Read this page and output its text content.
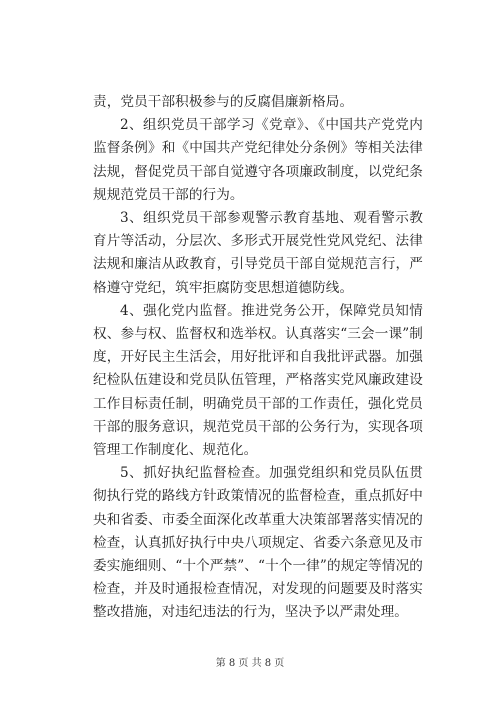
责，党员干部积极参与的反腐倡廉新格局。

2、组织党员干部学习《党章》、《中国共产党党内监督条例》和《中国共产党纪律处分条例》等相关法律法规，督促党员干部自觉遵守各项廉政制度，以党纪条规规范党员干部的行为。

3、组织党员干部参观警示教育基地、观看警示教育片等活动，分层次、多形式开展党性党风党纪、法律法规和廉洁从政教育，引导党员干部自觉规范言行，严格遵守党纪，筑牢拒腐防变思想道德防线。

4、强化党内监督。推进党务公开，保障党员知情权、参与权、监督权和选举权。认真落实“三会一课”制度，开好民主生活会，用好批评和自我批评武器。加强纪检队伍建设和党员队伍管理，严格落实党风廉政建设工作目标责任制，明确党员干部的工作责任，强化党员干部的服务意识，规范党员干部的公务行为，实现各项管理工作制度化、规范化。

5、抓好执纪监督检查。加强党组织和党员队伍贯彻执行党的路线方针政策情况的监督检查，重点抓好中央和省委、市委全面深化改革重大决策部署落实情况的检查，认真抓好执行中央八项规定、省委六条意见及市委实施细则、“十个严禁”、“十个一律”的规定等情况的检查，并及时通报检查情况，对发现的问题要及时落实整改措施，对违纪违法的行为，坚决予以严肃处理。

第 8 页 共 8 页
